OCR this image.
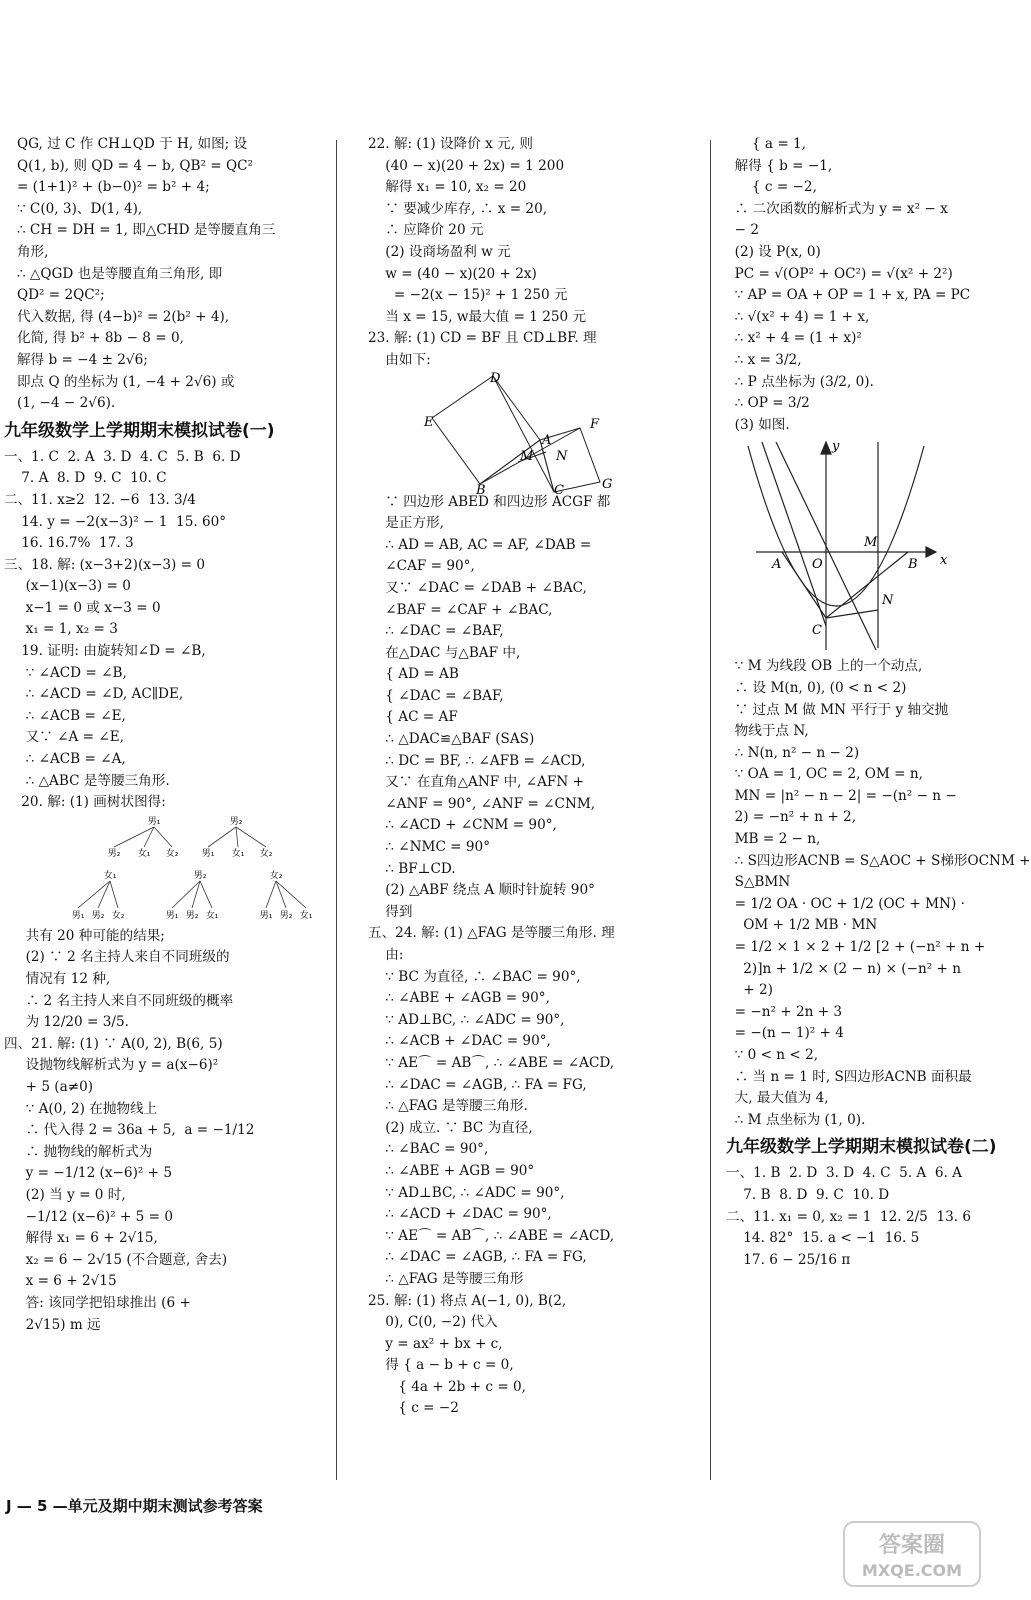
QG, 过 C 作 CH⊥QD 于 H, 如图; 设
Q(1, b), 则 QD = 4 − b, QB² = QC²
= (1+1)² + (b−0)² = b² + 4;
∵ C(0, 3)、D(1, 4),
∴ CH = DH = 1, 即△CHD 是等腰直角三
角形,
∴ △QGD 也是等腰直角三角形, 即
QD² = 2QC²;
代入数据, 得 (4−b)² = 2(b² + 4),
化简, 得 b² + 8b − 8 = 0,
解得 b = −4 ± 2√6;
即点 Q 的坐标为 (1, −4 + 2√6) 或
(1, −4 − 2√6).
九年级数学上学期期末模拟试卷(一)
一、1. C  2. A  3. D  4. C  5. B  6. D
7. A  8. D  9. C  10. C
二、11. x≥2  12. −6  13. 3/4
14. y = −2(x−3)² − 1  15. 60°
16. 16.7%  17. 3
三、18. 解: (x−3+2)(x−3) = 0
(x−1)(x−3) = 0
x−1 = 0 或 x−3 = 0
x₁ = 1, x₂ = 3
19. 证明: 由旋转知∠D = ∠B,
∵ ∠ACD = ∠B,
∴ ∠ACD = ∠D, AC∥DE,
∴ ∠ACB = ∠E,
又∵ ∠A = ∠E,
∴ ∠ACB = ∠A,
∴ △ABC 是等腰三角形.
20. 解: (1) 画树状图得:
男₁	男₂
男₂ 女₁ 女₂	男₁ 女₁ 女₂
女₁	男₂	女₂
男₁ 男₂ 女₂	男₁ 男₂ 女₁	男₁ 男₂ 女₁
共有 20 种可能的结果;
(2) ∵ 2 名主持人来自不同班级的
情况有 12 种,
∴ 2 名主持人来自不同班级的概率
为 12/20 = 3/5.
四、21. 解: (1) ∵ A(0, 2), B(6, 5)
设抛物线解析式为 y = a(x−6)²
+ 5 (a≠0)
∵ A(0, 2) 在抛物线上
∴ 代入得 2 = 36a + 5,  a = −1/12
∴ 抛物线的解析式为
y = −1/12 (x−6)² + 5
(2) 当 y = 0 时,
−1/12 (x−6)² + 5 = 0
解得 x₁ = 6 + 2√15,
x₂ = 6 − 2√15 (不合题意, 舍去)
x = 6 + 2√15
答: 该同学把铅球推出 (6 +
2√15) m 远
22. 解: (1) 设降价 x 元, 则
(40 − x)(20 + 2x) = 1 200
解得 x₁ = 10, x₂ = 20
∵ 要减少库存, ∴ x = 20,
∴ 应降价 20 元
(2) 设商场盈利 w 元
w = (40 − x)(20 + 2x)
= −2(x − 15)² + 1 250 元
当 x = 15, w最大值 = 1 250 元
23. 解: (1) CD = BF 且 CD⊥BF. 理
由如下:
D
E
A
F
N
M
B	C	G
∵ 四边形 ABED 和四边形 ACGF 都
是正方形,
∴ AD = AB, AC = AF, ∠DAB =
∠CAF = 90°,
又∵ ∠DAC = ∠DAB + ∠BAC,
∠BAF = ∠CAF + ∠BAC,
∴ ∠DAC = ∠BAF,
在△DAC 与△BAF 中,
{ AD = AB
{ ∠DAC = ∠BAF,
{ AC = AF
∴ △DAC≌△BAF (SAS)
∴ DC = BF, ∴ ∠AFB = ∠ACD,
又∵ 在直角△ANF 中, ∠AFN +
∠ANF = 90°, ∠ANF = ∠CNM,
∴ ∠ACD + ∠CNM = 90°,
∴ ∠NMC = 90°
∴ BF⊥CD.
(2) △ABF 绕点 A 顺时针旋转 90°
得到
五、24. 解: (1) △FAG 是等腰三角形. 理
由:
∵ BC 为直径, ∴ ∠BAC = 90°,
∴ ∠ABE + ∠AGB = 90°,
∵ AD⊥BC, ∴ ∠ADC = 90°,
∴ ∠ACB + ∠DAC = 90°,
∵ AE⌒ = AB⌒, ∴ ∠ABE = ∠ACD,
∴ ∠DAC = ∠AGB, ∴ FA = FG,
∴ △FAG 是等腰三角形.
(2) 成立. ∵ BC 为直径,
∴ ∠BAC = 90°,
∴ ∠ABE + AGB = 90°
∵ AD⊥BC, ∴ ∠ADC = 90°,
∴ ∠ACD + ∠DAC = 90°,
∵ AE⌒ = AB⌒, ∴ ∠ABE = ∠ACD,
∴ ∠DAC = ∠AGB, ∴ FA = FG,
∴ △FAG 是等腰三角形
25. 解: (1) 将点 A(−1, 0), B(2,
0), C(0, −2) 代入
y = ax² + bx + c,
得 { a − b + c = 0,
{ 4a + 2b + c = 0,
{ c = −2
{ a = 1,
解得 { b = −1,
{ c = −2,
∴ 二次函数的解析式为 y = x² − x
− 2
(2) 设 P(x, 0)
PC = √(OP² + OC²) = √(x² + 2²)
∵ AP = OA + OP = 1 + x, PA = PC
∴ √(x² + 4) = 1 + x,
∴ x² + 4 = (1 + x)²
∴ x = 3/2,
∴ P 点坐标为 (3/2, 0).
∴ OP = 3/2
(3) 如图.
y
x
A O
M
B
C
N
∵ M 为线段 OB 上的一个动点,
∴ 设 M(n, 0), (0 < n < 2)
∵ 过点 M 做 MN 平行于 y 轴交抛
物线于点 N,
∴ N(n, n² − n − 2)
∵ OA = 1, OC = 2, OM = n,
MN = |n² − n − 2| = −(n² − n −
2) = −n² + n + 2,
MB = 2 − n,
∴ S四边形ACNB = S△AOC + S梯形OCNM +
S△BMN
= 1/2 OA · OC + 1/2 (OC + MN) ·
OM + 1/2 MB · MN
= 1/2 × 1 × 2 + 1/2 [2 + (−n² + n +
2)]n + 1/2 × (2 − n) × (−n² + n
+ 2)
= −n² + 2n + 3
= −(n − 1)² + 4
∵ 0 < n < 2,
∴ 当 n = 1 时, S四边形ACNB 面积最
大, 最大值为 4,
∴ M 点坐标为 (1, 0).
九年级数学上学期期末模拟试卷(二)
一、1. B  2. D  3. D  4. C  5. A  6. A
7. B  8. D  9. C  10. D
二、11. x₁ = 0, x₂ = 1  12. 2/5  13. 6
14. 82°  15. a < −1  16. 5
17. 6 − 25/16 π
J — 5 —单元及期中期末测试参考答案
答案圈
MXQE.COM
